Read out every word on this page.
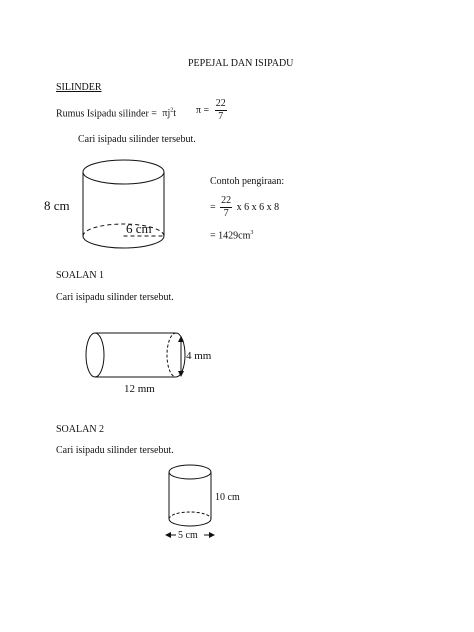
PEPEJAL DAN ISIPADU
SILINDER
Rumus Isipadu silinder = $\pi j^2t$ $\pi = \frac{22}{7}$
Cari isipadu silinder tersebut.
8 cm
6 cm
Contoh pengiraan:
= $\frac{22}{7}$ x 6 x 6 x 8
= $1429cm^3$
SOALAN 1
Cari isipadu silinder tersebut.
4 mm
12 mm
SOALAN 2
Cari isipadu silinder tersebut.
10 cm
5 cm
